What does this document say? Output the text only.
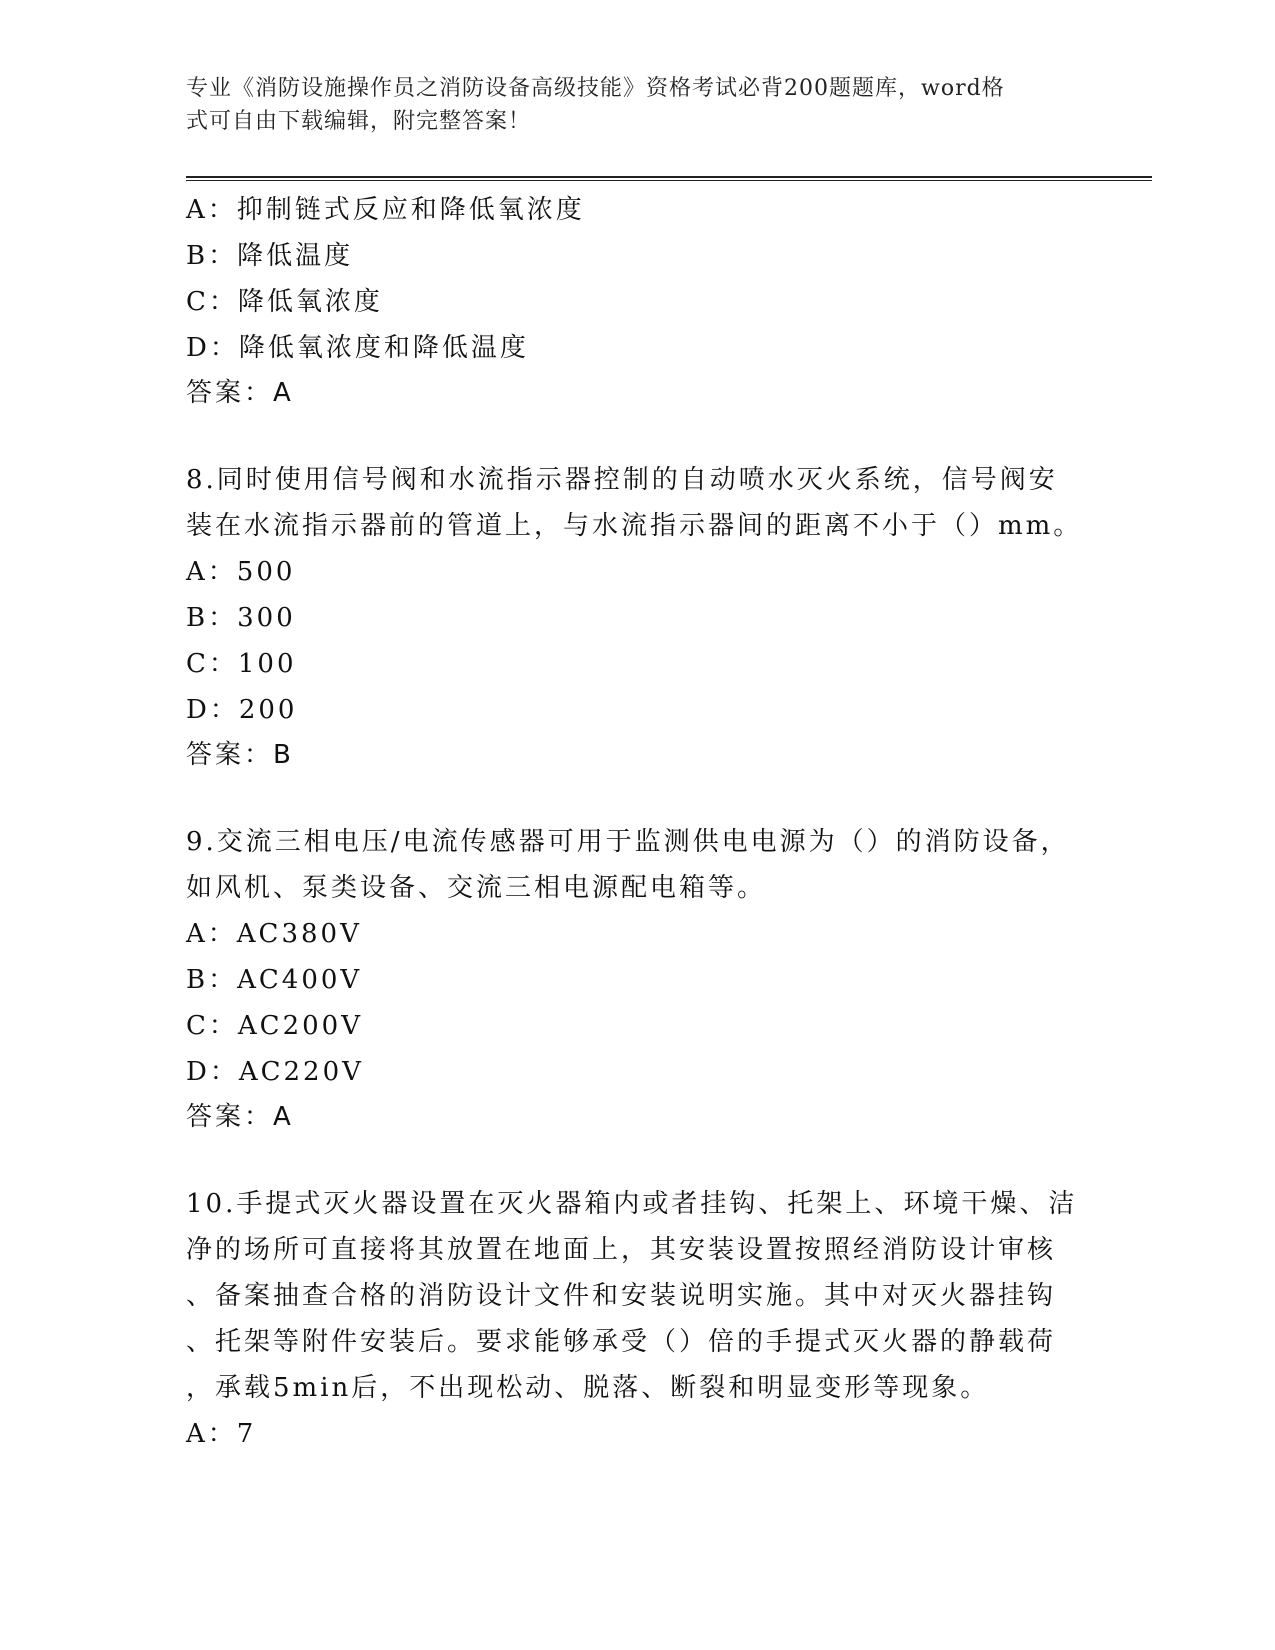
专业《消防设施操作员之消防设备高级技能》资格考试必背200题题库，word格
式可自由下载编辑，附完整答案！
A：抑制链式反应和降低氧浓度
B：降低温度
C：降低氧浓度
D：降低氧浓度和降低温度
答案：A
8.同时使用信号阀和水流指示器控制的自动喷水灭火系统，信号阀安
装在水流指示器前的管道上，与水流指示器间的距离不小于（）mm。
A：500
B：300
C：100
D：200
答案：B
9.交流三相电压/电流传感器可用于监测供电电源为（）的消防设备，
如风机、泵类设备、交流三相电源配电箱等。
A：AC380V
B：AC400V
C：AC200V
D：AC220V
答案：A
10.手提式灭火器设置在灭火器箱内或者挂钩、托架上、环境干燥、洁
净的场所可直接将其放置在地面上，其安装设置按照经消防设计审核
、备案抽查合格的消防设计文件和安装说明实施。其中对灭火器挂钩
、托架等附件安装后。要求能够承受（）倍的手提式灭火器的静载荷
，承载5min后，不出现松动、脱落、断裂和明显变形等现象。
A：7
